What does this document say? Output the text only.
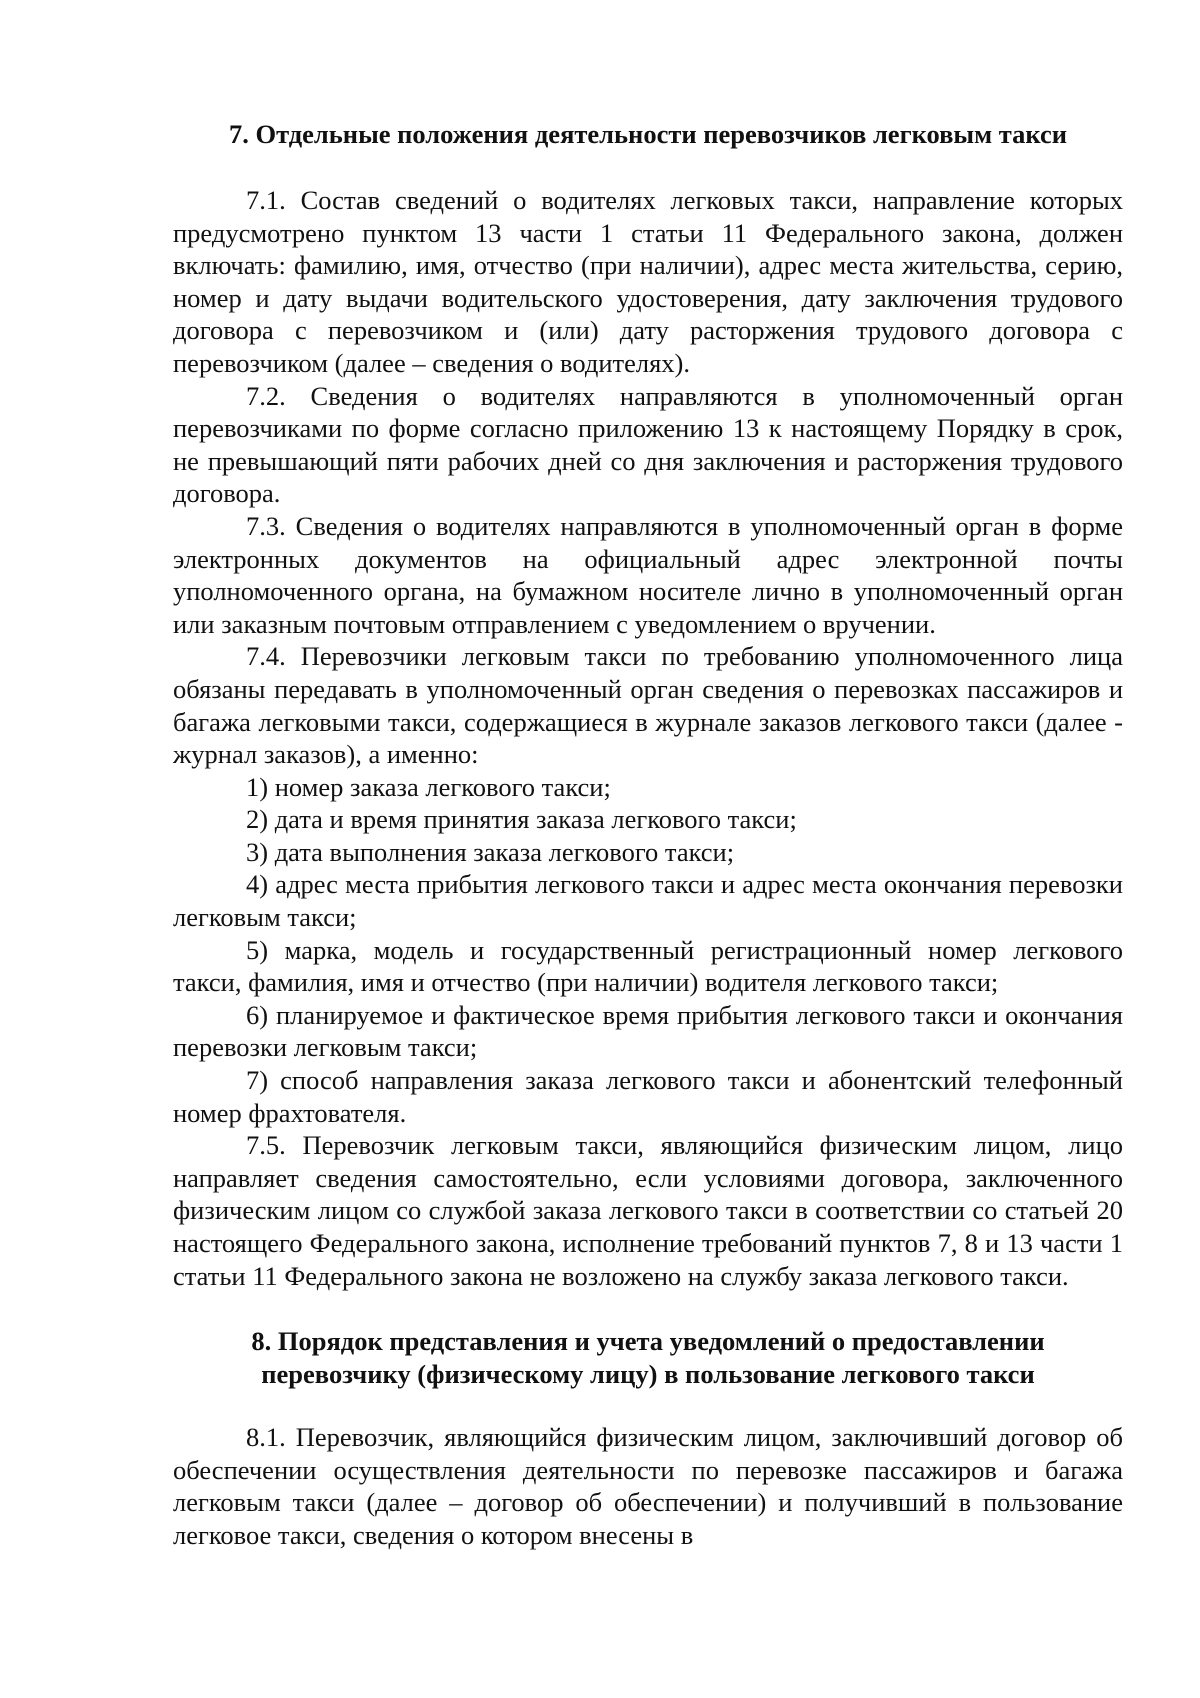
7. Отдельные положения деятельности перевозчиков легковым такси

7.1. Состав сведений о водителях легковых такси, направление которых предусмотрено пунктом 13 части 1 статьи 11 Федерального закона, должен включать: фамилию, имя, отчество (при наличии), адрес места жительства, серию, номер и дату выдачи водительского удостоверения, дату заключения трудового договора с перевозчиком и (или) дату расторжения трудового договора с перевозчиком (далее – сведения о водителях).

7.2. Сведения о водителях направляются в уполномоченный орган перевозчиками по форме согласно приложению 13 к настоящему Порядку в срок, не превышающий пяти рабочих дней со дня заключения и расторжения трудового договора.

7.3. Сведения о водителях направляются в уполномоченный орган в форме электронных документов на официальный адрес электронной почты уполномоченного органа, на бумажном носителе лично в уполномоченный орган или заказным почтовым отправлением с уведомлением о вручении.

7.4. Перевозчики легковым такси по требованию уполномоченного лица обязаны передавать в уполномоченный орган сведения о перевозках пассажиров и багажа легковыми такси, содержащиеся в журнале заказов легкового такси (далее - журнал заказов), а именно:

1) номер заказа легкового такси;

2) дата и время принятия заказа легкового такси;

3) дата выполнения заказа легкового такси;

4) адрес места прибытия легкового такси и адрес места окончания перевозки легковым такси;

5) марка, модель и государственный регистрационный номер легкового такси, фамилия, имя и отчество (при наличии) водителя легкового такси;

6) планируемое и фактическое время прибытия легкового такси и окончания перевозки легковым такси;

7) способ направления заказа легкового такси и абонентский телефонный номер фрахтователя.

7.5. Перевозчик легковым такси, являющийся физическим лицом, лицо направляет сведения самостоятельно, если условиями договора, заключенного физическим лицом со службой заказа легкового такси в соответствии со статьей 20 настоящего Федерального закона, исполнение требований пунктов 7, 8 и 13 части 1 статьи 11 Федерального закона не возложено на службу заказа легкового такси.

8. Порядок представления и учета уведомлений о предоставлении
перевозчику (физическому лицу) в пользование легкового такси

8.1. Перевозчик, являющийся физическим лицом, заключивший договор об обеспечении осуществления деятельности по перевозке пассажиров и багажа легковым такси (далее – договор об обеспечении) и получивший в пользование легковое такси, сведения о котором внесены в
